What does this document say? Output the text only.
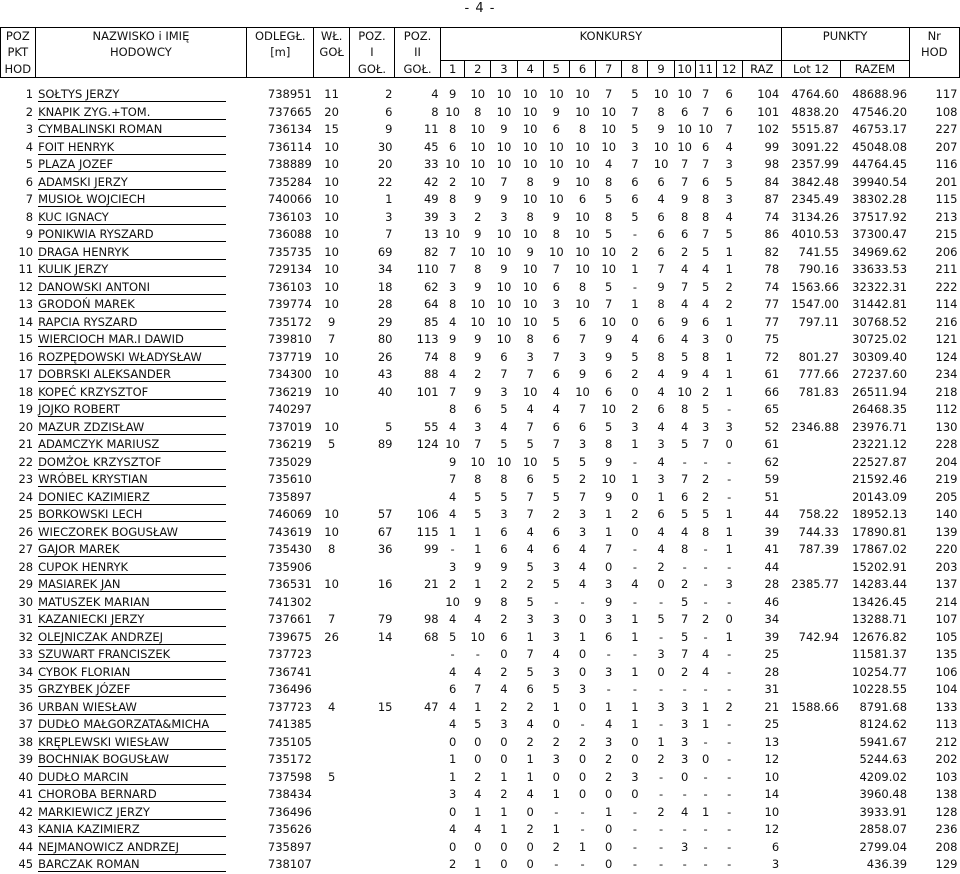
- 4 -
POZ	NAZWISKO i IMIĘ	ODLEGŁ.	WŁ.	POZ.	POZ.	KONKURSY													PUNKTY		Nr
PKT	HODOWCY	[m]	GOŁ	I	II																HOD
HOD				GOŁ.	GOŁ.	1	2	3	4	5	6	7	8	9	10	11	12	RAZ	Lot 12	RAZEM	
1	SOŁTYS JERZY	738951	11	2	4	9	10	10	10	10	10	7	5	10	10	7	6	104	4764.60	48688.96	117
2	KNAPIK ZYG.+TOM.	737665	20	6	8	10	8	10	10	9	10	10	7	8	6	7	6	101	4838.20	47546.20	108
3	CYMBALINSKI ROMAN	736134	15	9	11	8	10	9	10	6	8	10	5	9	10	10	7	102	5515.87	46753.17	227
4	FOIT HENRYK	736114	10	30	45	6	10	10	10	10	10	10	3	10	10	6	4	99	3091.22	45048.08	207
5	PLAZA JOZEF	738889	10	20	33	10	10	10	10	10	10	4	7	10	7	7	3	98	2357.99	44764.45	116
6	ADAMSKI JERZY	735284	10	22	42	2	10	7	8	9	10	8	6	6	7	6	5	84	3842.48	39940.54	201
7	MUSIOŁ WOJCIECH	740066	10	1	49	8	9	9	10	10	6	5	6	4	9	8	3	87	2345.49	38302.28	115
8	KUC IGNACY	736103	10	3	39	3	2	3	8	9	10	8	5	6	8	8	4	74	3134.26	37517.92	213
9	PONIKWIA RYSZARD	736088	10	7	13	10	9	10	10	8	10	5	-	6	6	7	5	86	4010.53	37300.47	215
10	DRAGA HENRYK	735735	10	69	82	7	10	10	9	10	10	10	2	6	2	5	1	82	741.55	34969.62	206
11	KULIK JERZY	729134	10	34	110	7	8	9	10	7	10	10	1	7	4	4	1	78	790.16	33633.53	211
12	DANOWSKI ANTONI	736103	10	18	62	3	9	10	10	6	8	5	-	9	7	5	2	74	1563.66	32322.31	222
13	GRODOŃ MAREK	739774	10	28	64	8	10	10	10	3	10	7	1	8	4	4	2	77	1547.00	31442.81	114
14	RAPCIA RYSZARD	735172	9	29	85	4	10	10	10	5	6	10	0	6	9	6	1	77	797.11	30768.52	216
15	WIERCIOCH MAR.I DAWID	739810	7	80	113	9	9	10	8	6	7	9	4	6	4	3	0	75		30725.02	121
16	ROZPĘDOWSKI WŁADYSŁAW	737719	10	26	74	8	9	6	3	7	3	9	5	8	5	8	1	72	801.27	30309.40	124
17	DOBRSKI ALEKSANDER	734300	10	43	88	4	2	7	7	6	9	6	2	4	9	4	1	61	777.66	27237.60	234
18	KOPEĆ KRZYSZTOF	736219	10	40	101	7	9	3	10	4	10	6	0	4	10	2	1	66	781.83	26511.94	218
19	JOJKO ROBERT	740297				8	6	5	4	4	7	10	2	6	8	5	-	65		26468.35	112
20	MAZUR ZDZISŁAW	737019	10	5	55	4	3	4	7	6	6	5	3	4	4	3	3	52	2346.88	23976.71	130
21	ADAMCZYK MARIUSZ	736219	5	89	124	10	7	5	5	7	3	8	1	3	5	7	0	61		23221.12	228
22	DOMŻOŁ KRZYSZTOF	735029				9	10	10	10	5	5	9	-	4	-	-	-	62		22527.87	204
23	WRÓBEL KRYSTIAN	735610				7	8	8	6	5	2	10	1	3	7	2	-	59		21592.46	219
24	DONIEC KAZIMIERZ	735897				4	5	5	7	5	7	9	0	1	6	2	-	51		20143.09	205
25	BORKOWSKI LECH	746069	10	57	106	4	5	3	7	2	3	1	2	6	5	5	1	44	758.22	18952.13	140
26	WIECZOREK BOGUSŁAW	743619	10	67	115	1	1	6	4	6	3	1	0	4	4	8	1	39	744.33	17890.81	139
27	GAJOR MAREK	735430	8	36	99	-	1	6	4	6	4	7	-	4	8	-	1	41	787.39	17867.02	220
28	CUPOK HENRYK	735906				3	9	9	5	3	4	0	-	2	-	-	-	44		15202.91	203
29	MASIAREK JAN	736531	10	16	21	2	1	2	2	5	4	3	4	0	2	-	3	28	2385.77	14283.44	137
30	MATUSZEK MARIAN	741302				10	9	8	5	-	-	9	-	-	5	-	-	46		13426.45	214
31	KAZANIECKI JERZY	737661	7	79	98	4	4	2	3	3	0	3	1	5	7	2	0	34		13288.71	107
32	OLEJNICZAK ANDRZEJ	739675	26	14	68	5	10	6	1	3	1	6	1	-	5	-	1	39	742.94	12676.82	105
33	SZUWART FRANCISZEK	737723				-	-	0	7	4	0	-	-	3	7	4	-	25		11581.37	135
34	CYBOK FLORIAN	736741				4	4	2	5	3	0	3	1	0	2	4	-	28		10254.77	106
35	GRZYBEK JÓZEF	736496				6	7	4	6	5	3	-	-	-	-	-	-	31		10228.55	104
36	URBAN WIESŁAW	737723	4	15	47	4	1	2	2	1	0	1	1	3	3	1	2	21	1588.66	8791.68	133
37	DUDŁO MAŁGORZATA&MICHA	741385				4	5	3	4	0	-	4	1	-	3	1	-	25		8124.62	113
38	KRĘPLEWSKI WIESŁAW	735105				0	0	0	2	2	2	3	0	1	3	-	-	13		5941.67	212
39	BOCHNIAK BOGUSŁAW	735172				1	0	0	1	3	0	2	0	2	3	0	-	12		5244.63	202
40	DUDŁO MARCIN	737598	5			1	2	1	1	0	0	2	3	-	0	-	-	10		4209.02	103
41	CHOROBA BERNARD	738434				3	4	2	4	1	0	0	0	-	-	-	-	14		3960.48	138
42	MARKIEWICZ JERZY	736496				0	1	1	0	-	-	1	-	2	4	1	-	10		3933.91	128
43	KANIA KAZIMIERZ	735626				4	4	1	2	1	-	0	-	-	-	-	-	12		2858.07	236
44	NEJMANOWICZ ANDRZEJ	735897				0	0	0	0	2	1	0	-	-	3	-	-	6		2799.04	208
45	BARCZAK ROMAN	738107				2	1	0	0	-	-	0	-	-	-	-	-	3		436.39	129
